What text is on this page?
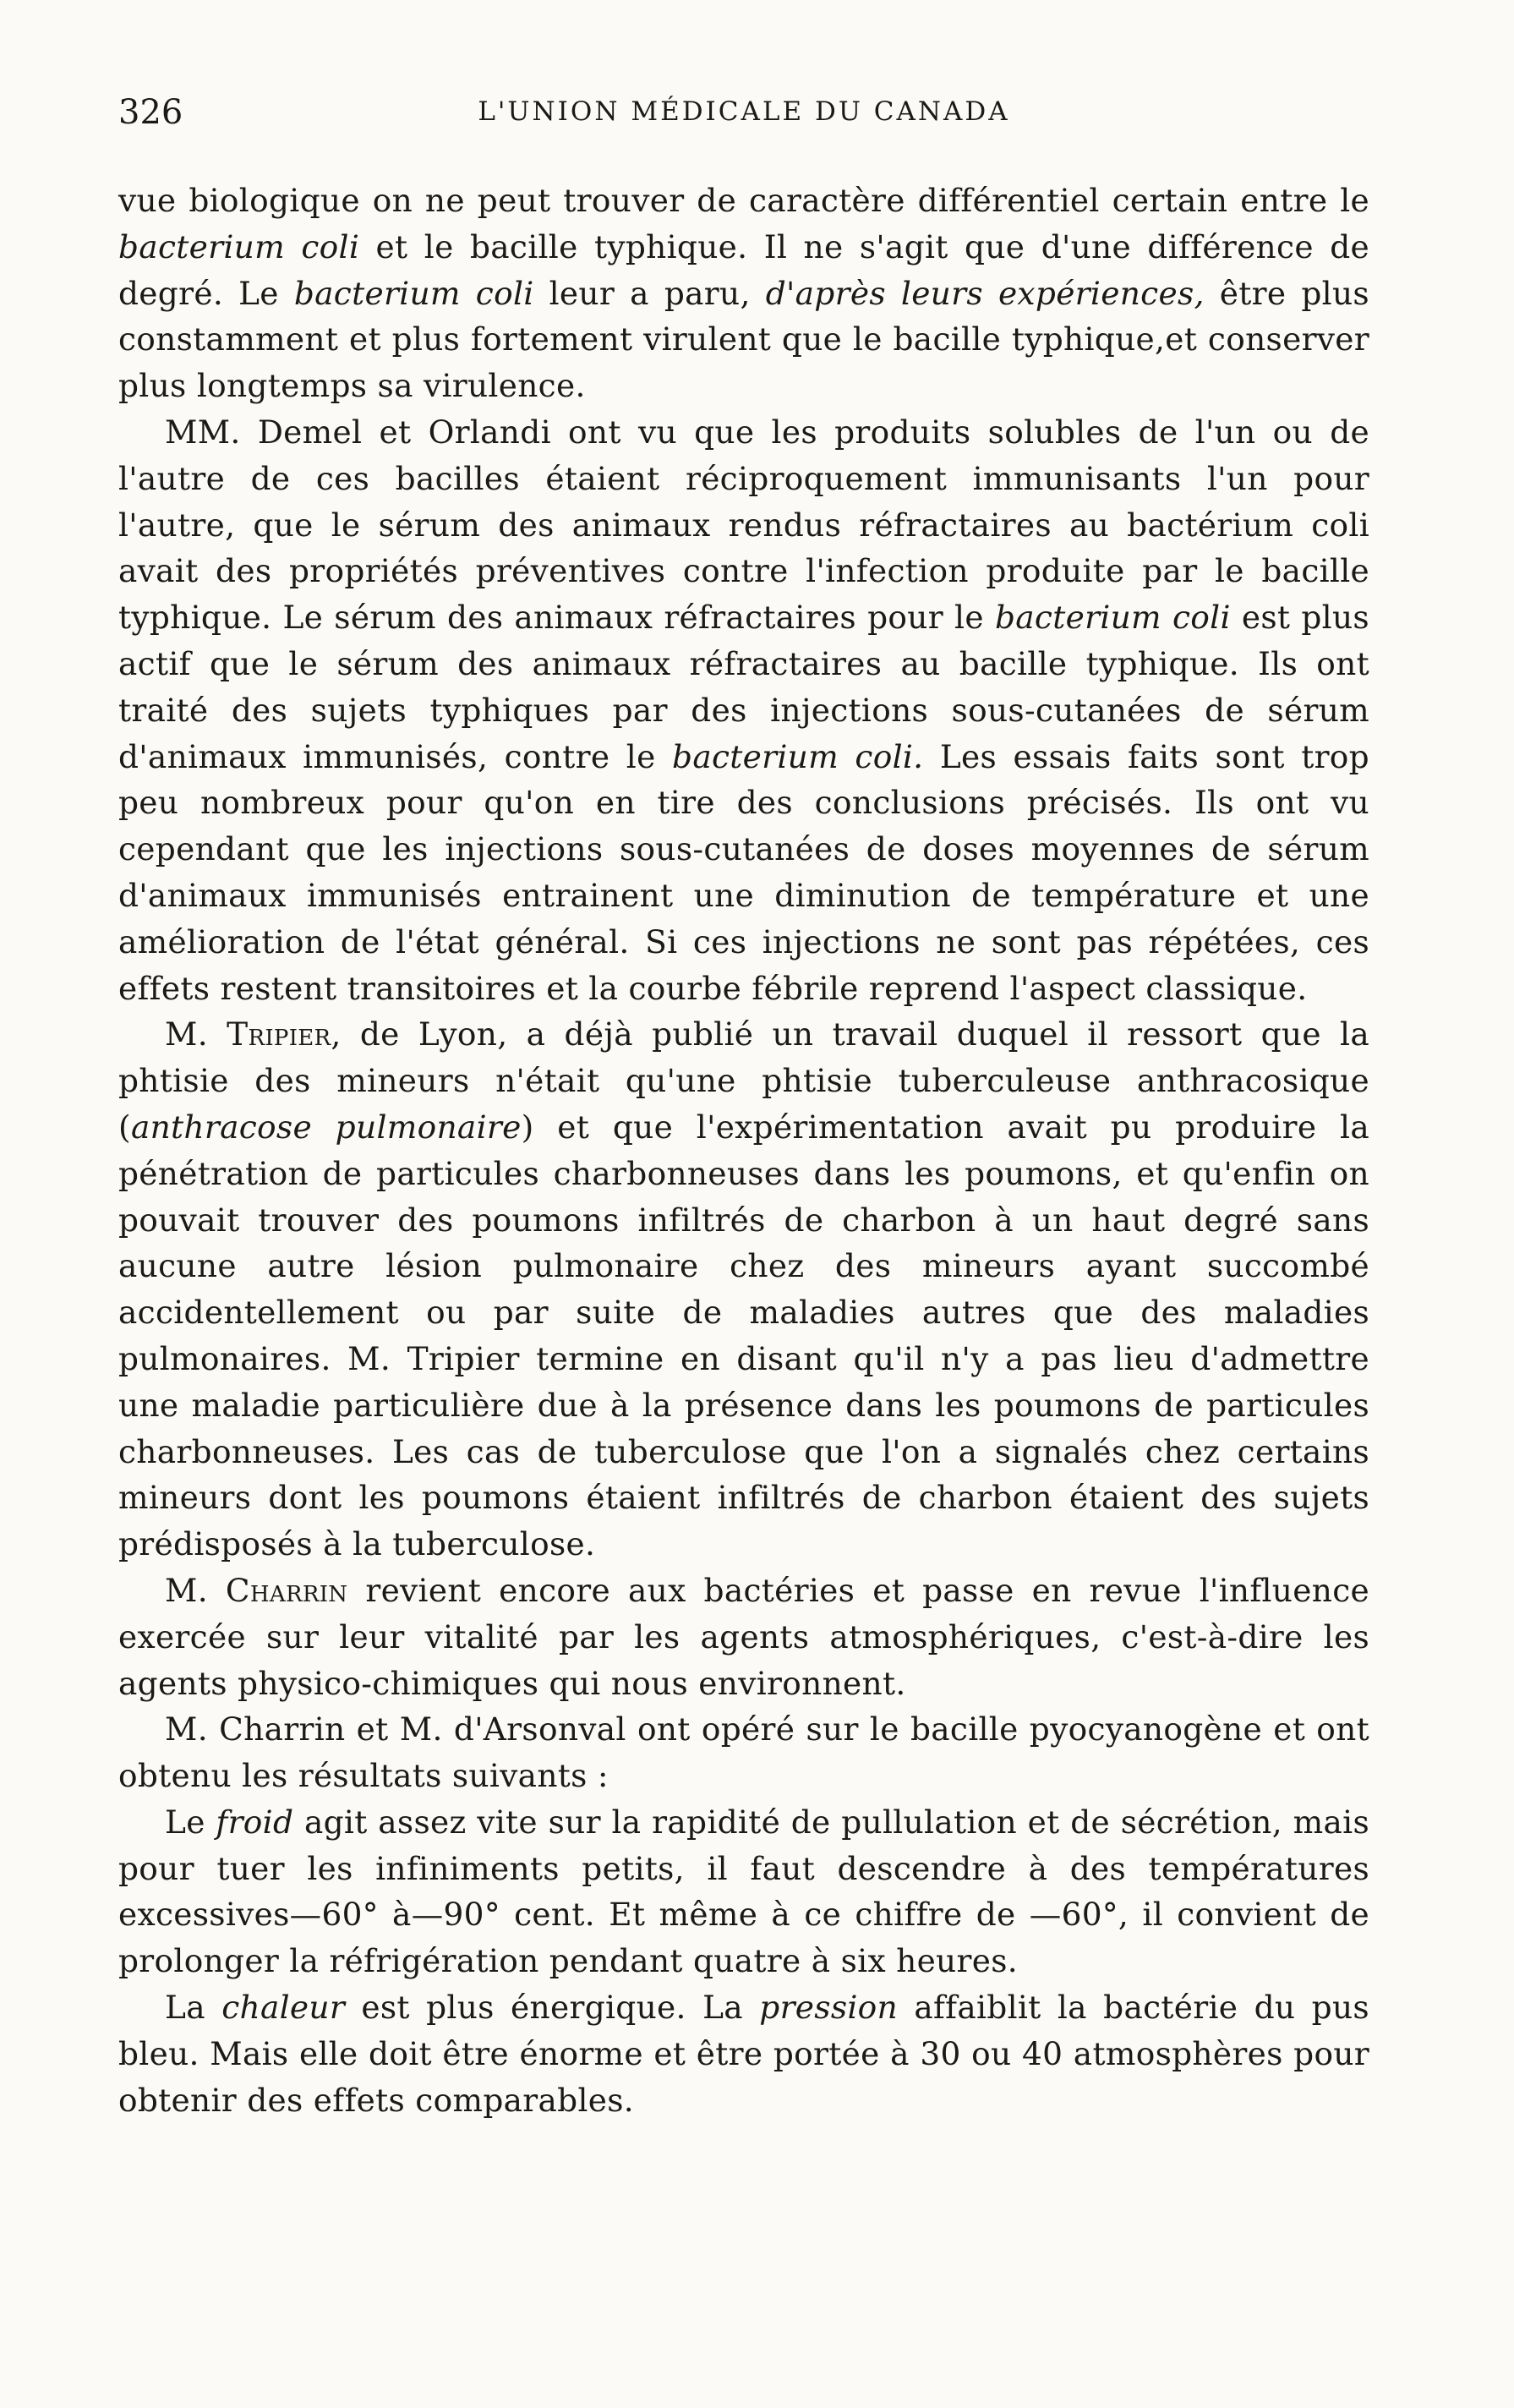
326	L'UNION MÉDICALE DU CANADA

vue biologique on ne peut trouver de caractère différentiel certain entre le bacterium coli et le bacille typhique. Il ne s'agit que d'une différence de degré. Le bacterium coli leur a paru, d'après leurs expériences, être plus constamment et plus fortement virulent que le bacille typhique,et conserver plus longtemps sa virulence.

MM. Demel et Orlandi ont vu que les produits solubles de l'un ou de l'autre de ces bacilles étaient réciproquement immunisants l'un pour l'autre, que le sérum des animaux rendus réfractaires au bactérium coli avait des propriétés préventives contre l'infection produite par le bacille typhique. Le sérum des animaux réfractaires pour le bacterium coli est plus actif que le sérum des animaux réfractaires au bacille typhique. Ils ont traité des sujets typhiques par des injections sous-cutanées de sérum d'animaux immunisés, contre le bacterium coli. Les essais faits sont trop peu nombreux pour qu'on en tire des conclusions précisés. Ils ont vu cependant que les injections sous-cutanées de doses moyennes de sérum d'animaux immunisés entrainent une diminution de température et une amélioration de l'état général. Si ces injections ne sont pas répétées, ces effets restent transitoires et la courbe fébrile reprend l'aspect classique.

M. Tripier, de Lyon, a déjà publié un travail duquel il ressort que la phtisie des mineurs n'était qu'une phtisie tuberculeuse anthracosique (anthracose pulmonaire) et que l'expérimentation avait pu produire la pénétration de particules charbonneuses dans les poumons, et qu'enfin on pouvait trouver des poumons infiltrés de charbon à un haut degré sans aucune autre lésion pulmonaire chez des mineurs ayant succombé accidentellement ou par suite de maladies autres que des maladies pulmonaires. M. Tripier termine en disant qu'il n'y a pas lieu d'admettre une maladie particulière due à la présence dans les poumons de particules charbonneuses. Les cas de tuberculose que l'on a signalés chez certains mineurs dont les poumons étaient infiltrés de charbon étaient des sujets prédisposés à la tuberculose.

M. Charrin revient encore aux bactéries et passe en revue l'influence exercée sur leur vitalité par les agents atmosphériques, c'est-à-dire les agents physico-chimiques qui nous environnent.

M. Charrin et M. d'Arsonval ont opéré sur le bacille pyocyanogène et ont obtenu les résultats suivants :

Le froid agit assez vite sur la rapidité de pullulation et de sécrétion, mais pour tuer les infiniments petits, il faut descendre à des températures excessives—60° à—90° cent. Et même à ce chiffre de —60°, il convient de prolonger la réfrigération pendant quatre à six heures.

La chaleur est plus énergique. La pression affaiblit la bactérie du pus bleu. Mais elle doit être énorme et être portée à 30 ou 40 atmosphères pour obtenir des effets comparables.
